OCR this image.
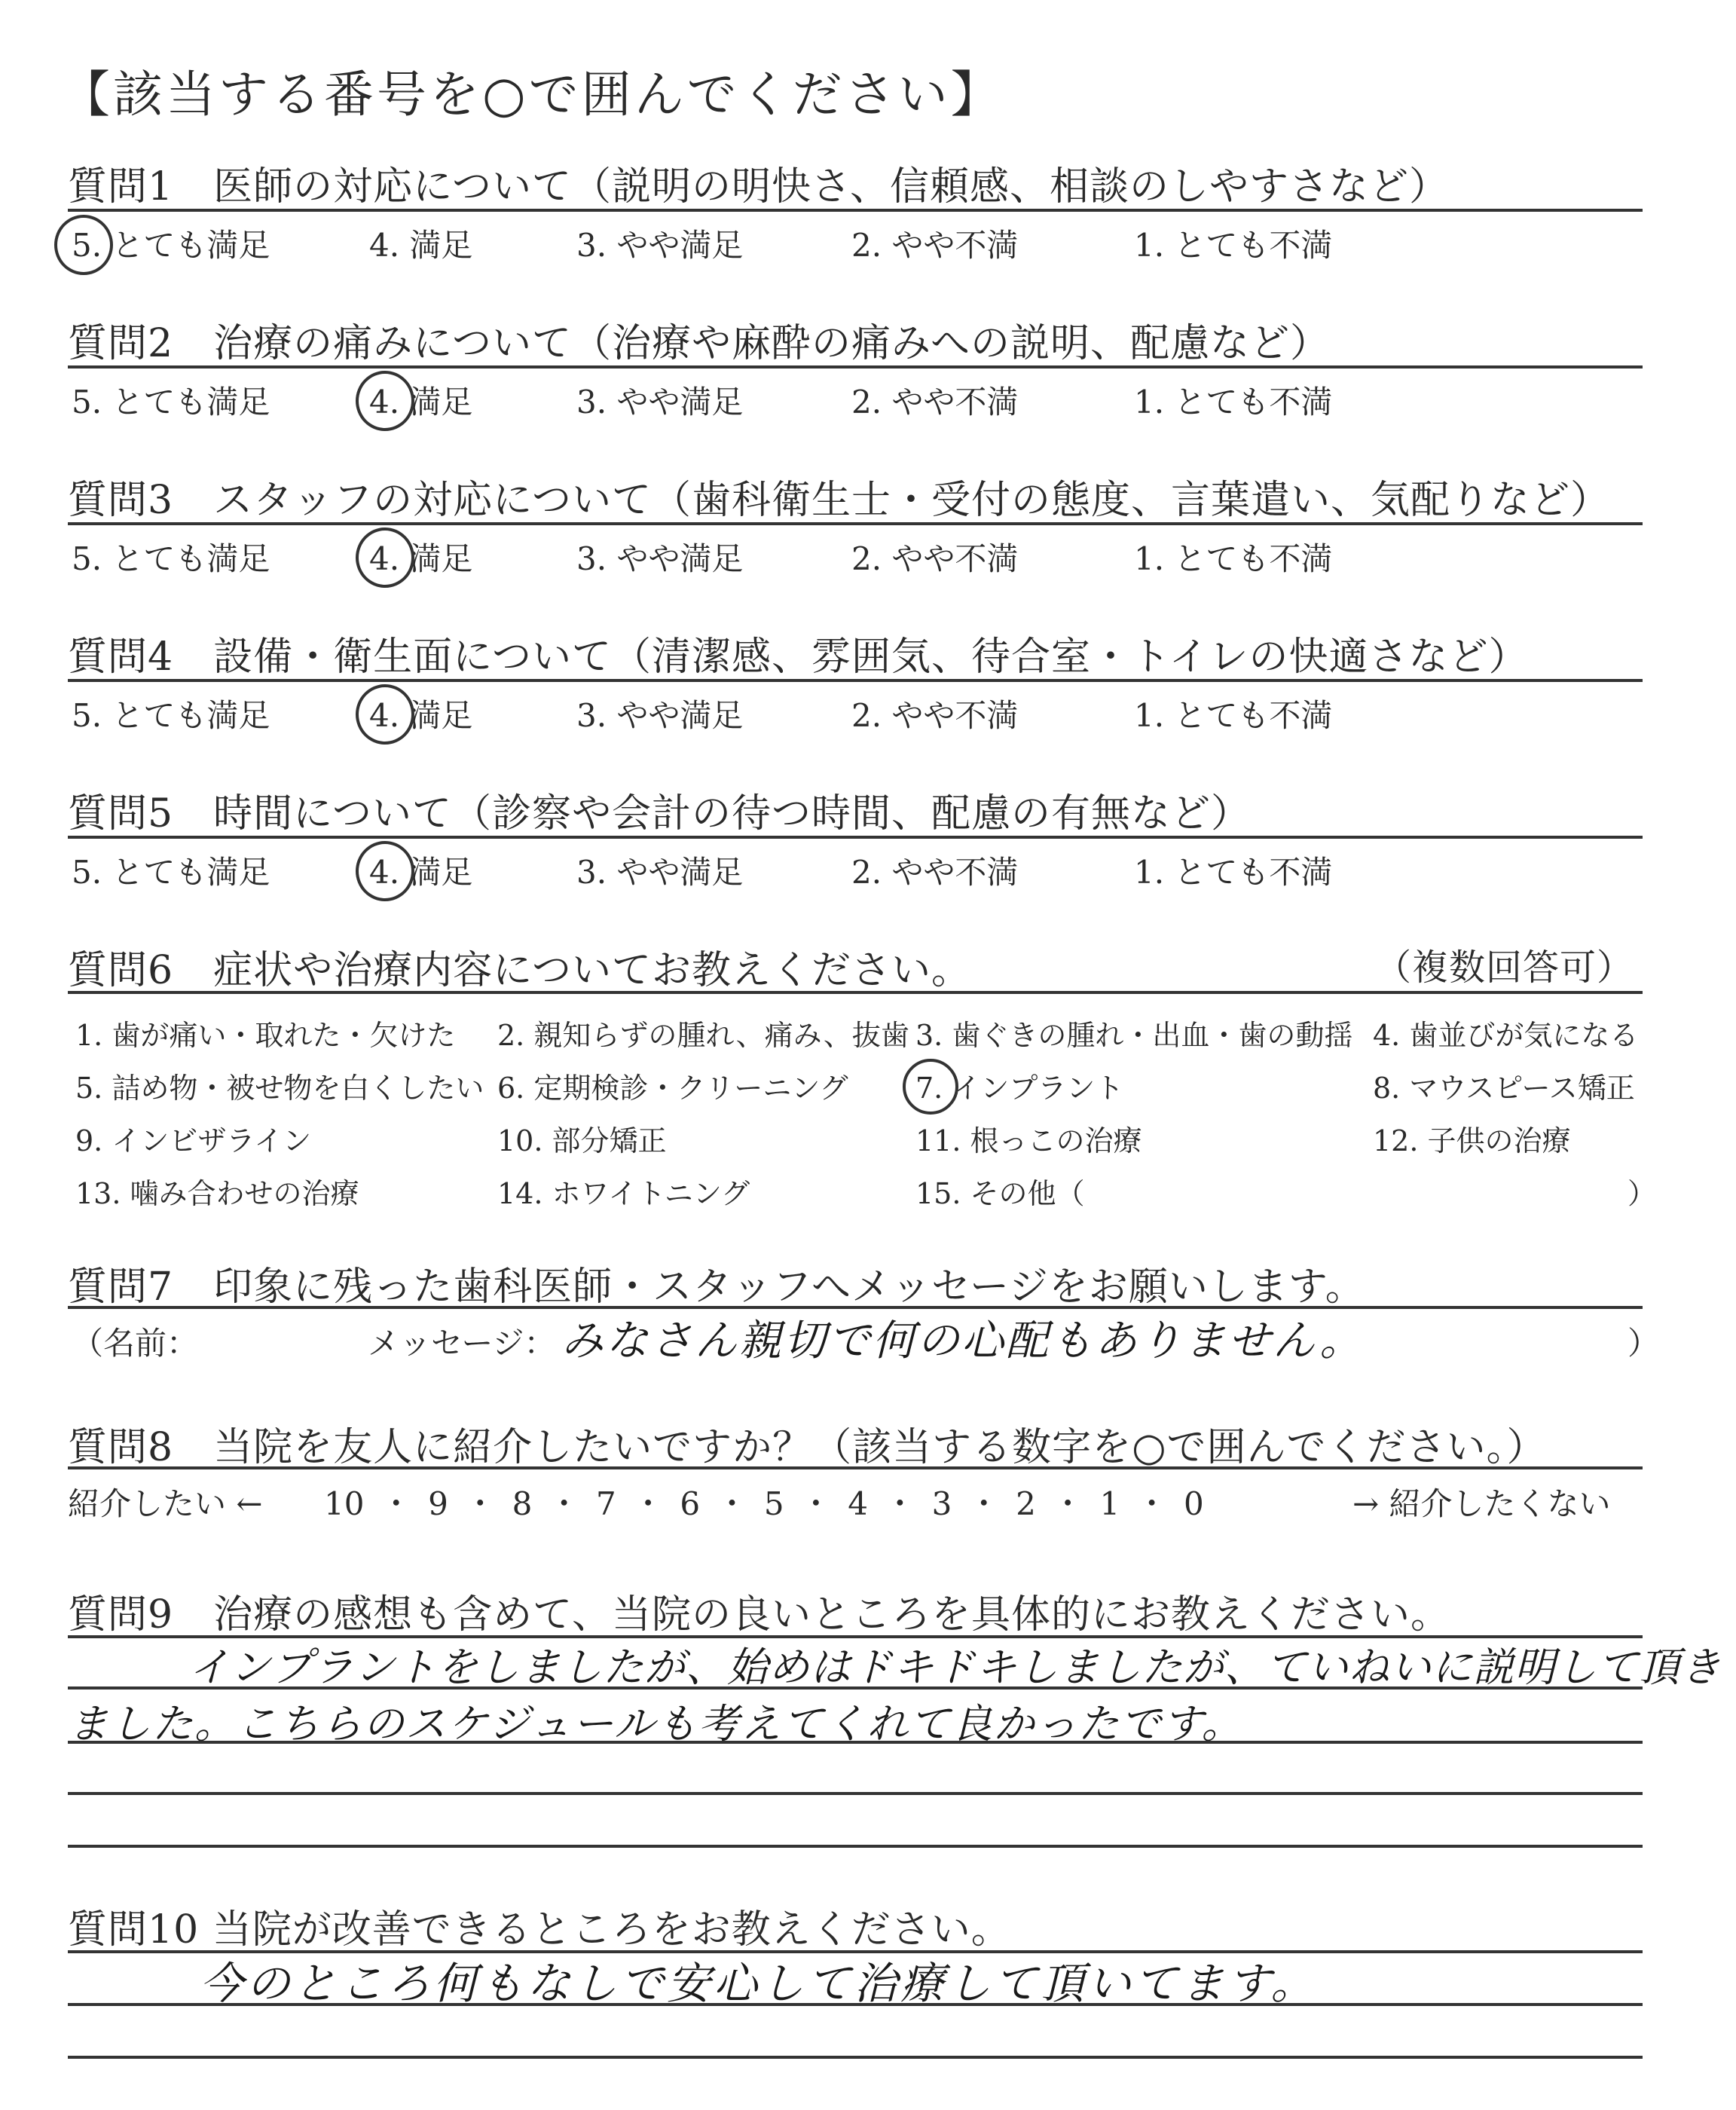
【該当する番号を○で囲んでください】
質問1　医師の対応について（説明の明快さ、信頼感、相談のしやすさなど）
5. とても満足	4. 満足	3. やや満足	2. やや不満	1. とても不満
質問2　治療の痛みについて（治療や麻酔の痛みへの説明、配慮など）
5. とても満足	4. 満足	3. やや満足	2. やや不満	1. とても不満
質問3　スタッフの対応について（歯科衛生士・受付の態度、言葉遣い、気配りなど）
5. とても満足	4. 満足	3. やや満足	2. やや不満	1. とても不満
質問4　設備・衛生面について（清潔感、雰囲気、待合室・トイレの快適さなど）
5. とても満足	4. 満足	3. やや満足	2. やや不満	1. とても不満
質問5　時間について（診察や会計の待つ時間、配慮の有無など）
5. とても満足	4. 満足	3. やや満足	2. やや不満	1. とても不満
質問6　症状や治療内容についてお教えください。	（複数回答可）
1. 歯が痛い・取れた・欠けた 2. 親知らずの腫れ、痛み、抜歯 3. 歯ぐきの腫れ・出血・歯の動揺 4. 歯並びが気になる
5. 詰め物・被せ物を白くしたい 6. 定期検診・クリーニング 7. インプラント	8. マウスピース矯正
9. インビザライン	10. 部分矯正	11. 根っこの治療	12. 子供の治療
13. 噛み合わせの治療	14. ホワイトニング	15. その他（	）
質問7　印象に残った歯科医師・スタッフへメッセージをお願いします。
（名前：	メッセージ： みなさん親切で何の心配もありません。	）
質問8　当院を友人に紹介したいですか？（該当する数字を○で囲んでください。）
紹介したい ← 10 ・ 9 ・ 8 ・ 7 ・ 6 ・ 5 ・ 4 ・ 3 ・ 2 ・ 1 ・ 0	→ 紹介したくない
質問9　治療の感想も含めて、当院の良いところを具体的にお教えください。
インプラントをしましたが、始めはドキドキしましたが、ていねいに説明して頂き
ました。こちらのスケジュールも考えてくれて良かったです。
質問10 当院が改善できるところをお教えください。
今のところ何もなしで安心して治療して頂いてます。
